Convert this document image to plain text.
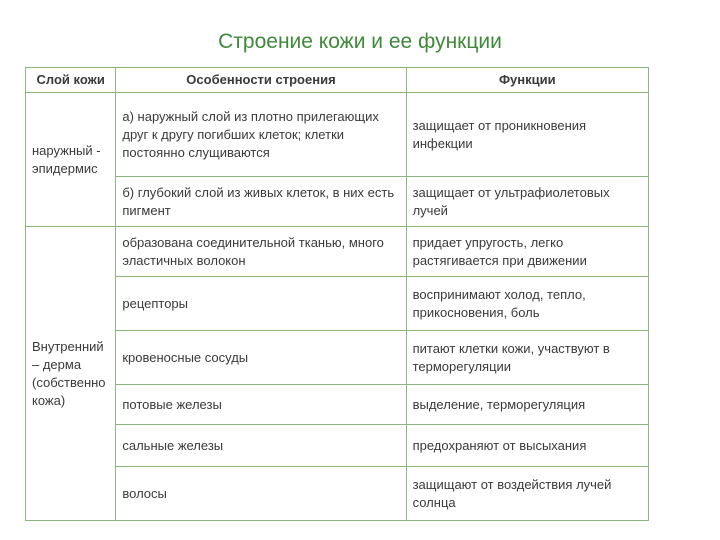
Строение кожи и ее функции
Слой кожи	Особенности строения	Функции
наружный - эпидермис	а) наружный слой из плотно прилегающих друг к другу погибших клеток; клетки постоянно слущиваются	защищает от проникновения инфекции
	б) глубокий слой из живых клеток, в них есть пигмент	защищает от ультрафиолетовых лучей
Внутренний – дерма (собственно кожа)	образована соединительной тканью, много эластичных волокон	придает упругость, легко растягивается при движении
	рецепторы	воспринимают холод, тепло, прикосновения, боль
	кровеносные сосуды	питают клетки кожи, участвуют в терморегуляции
	потовые железы	выделение, терморегуляция
	сальные железы	предохраняют от высыхания
	волосы	защищают от воздействия лучей солнца
